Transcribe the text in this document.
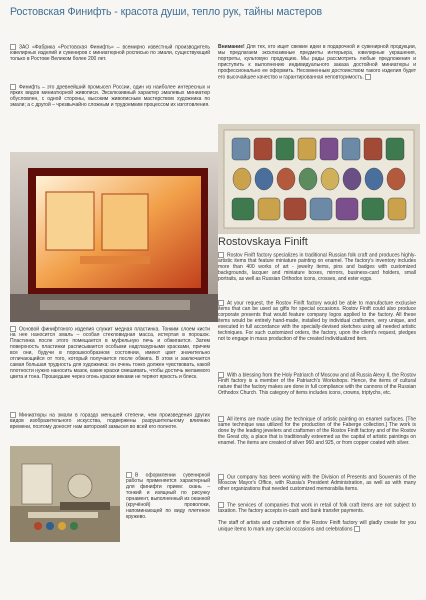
Ростовская Финифть - красота души, тепло рук, тайны мастеров

ЗАО «Фабрика «Ростовская Финифть» – всемирно известный производитель ювелирных изделий и сувениров с миниатюрной росписью по эмали, существующий только в Ростове Великом более 200 лет.

Финифть – это древнейший промысел России, один из наиболее интересных и ярких видов миниатюрной живописи. Эксклюзивный характер эмалевых миниатюр обусловлен, с одной стороны, высоким живописным мастерством художника по эмали; а с другой – чрезвычайно сложным и трудоемким процессом их изготовления.

Внимание! Для тех, кто ищет свежие идеи в подарочной и сувенирной продукции, мы предлагаем эксклюзивные предметы интерьера, ювелирные украшения, портреты, культовую продукцию. Мы рады рассмотреть любые предложения и приступить к выполнению индивидуального заказа достойной миниатюры и профессионально ее оформить. Несомненным достоинством такого изделия будет его высочайшее качество и гарантированная неповторимость.

Основой финифтяного изделия служит медная пластинка. Тонким слоем кисти на нее наносится эмаль – особая стекловидная масса, истертая в порошок. Пластинка после этого помещается в муфельную печь и обжигается. Затем поверхность пластинки расписывается особыми надглазурными красками, причем все они, будучи в порошкообразном состоянии, имеют цвет значительно отличающийся от того, который получается после обжига. В этом и заключается самая большая трудность для художника: он очень тонко должен чувствовать, какой плотности нужно наносить мазок, какие краски смешивать, чтобы достичь желаемого цвета и тона. Прошедшие через огонь краски веками не теряют яркость и блеск.

Миниатюры на эмали в гораздо меньшей степени, чем произведения других видов изобразительного искусства, подвержены разрушительному влиянию времени, поэтому доносят нам авторский замысел во всей его полноте.

В оформлении сувенирной работы применяется характерный для финифти прием: скань – тонкий и изящный по рисунку орнамент, выполненный из оканной (кручёной) проволоки, напоминающей по виду плетеное кружево.

Rostovskaya Finift

Rostov Finift factory specializes in traditional Russian folk craft and produces highly-artistic items that feature miniature painting on enamel. The factory's inventory includes more than 400 works of art - jewelry items, pins and badges with customized backgrounds, lacquer and miniature boxes, mirrors, business-card holders, small portraits, as well as Russian Orthodox icons, crosses, and ester eggs.

At your request, the Rostov Finift factory would be able to manufacture exclusive items that can be used as gifts for special occasions. Rostov Finift could also produce corporate presents that would feature company logos applied to the factory. All these items would be entirely hand-made, installed by individual craftsmen, very unique, and executed in full accordance with the specially-devised sketches using all needed artistic techniques. For such customized orders, the factory, upon the client's request, pledges not to engage in mass production of the created individualized item.

With a blessing from the Holy Patriarch of Moscow and all Russia Alexy II, the Rostov Finift factory is a member of the Patriarch's Workshops. Hence, the items of cultural nature that the factory makes are done in full compliance with the cannons of the Russian Orthodox Church. This category of items includes icons, crowns, triptychs, etc.

All items are made using the technique of artistic painting on enamel surfaces. [The same technique was utilized for the production of the Faberge collection.] The work is done by the leading jewelers and craftsmen of the Rostov Finift factory and of the Rostov the Great city, a place that is traditionally esteemed as the capital of artistic paintings on enamel. The items are created of silver 960 and 925, or from copper coated with silver.

Our company has been working with the Division of Presents and Souvenirs of the Moscow Mayor's Office, with Russia's President Administration, as well as with many other organizations that needed customized memorabilia items.

The services of companies that work in retail of folk craft items are not subject to taxation. The factory accepts in-cash and bank transfer payments.

The staff of artists and craftsmen of the Rostov Finift factory will gladly create for you unique items to mark any special occasions and celebrations
